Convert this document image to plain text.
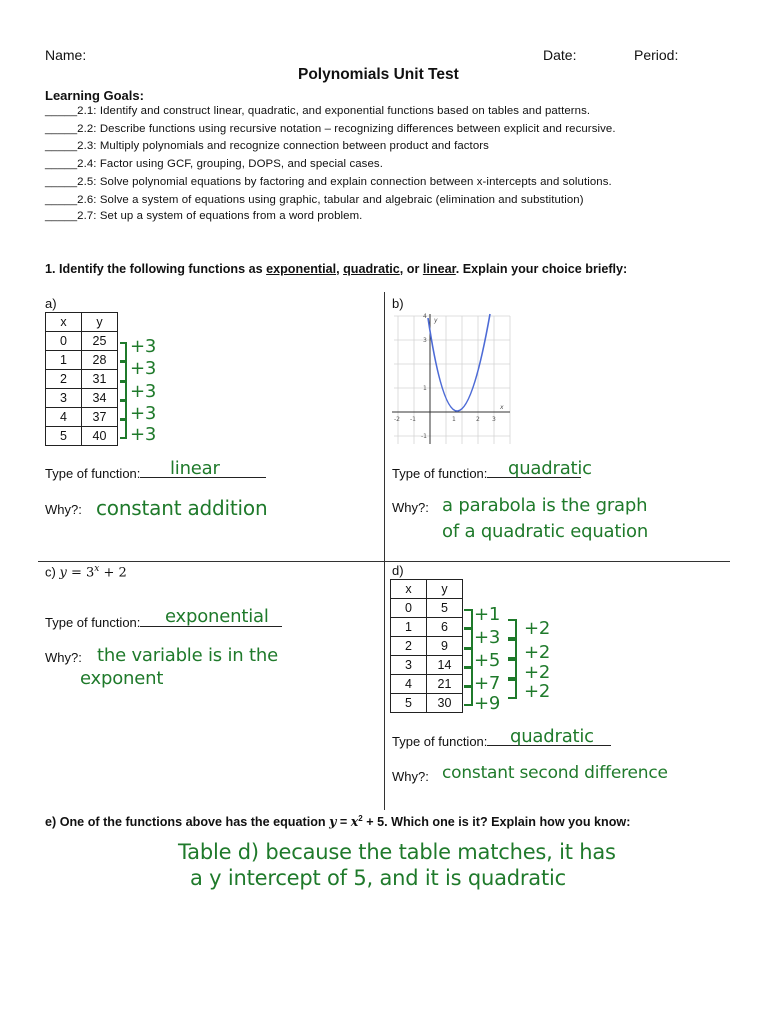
Name:	Date:	Period:
Polynomials Unit Test
Learning Goals:
_____2.1: Identify and construct linear, quadratic, and exponential functions based on tables and patterns.
_____2.2: Describe functions using recursive notation – recognizing differences between explicit and recursive.
_____2.3: Multiply polynomials and recognize connection between product and factors
_____2.4: Factor using GCF, grouping, DOPS, and special cases.
_____2.5: Solve polynomial equations by factoring and explain connection between x-intercepts and solutions.
_____2.6: Solve a system of equations using graphic, tabular and algebraic (elimination and substitution)
_____2.7: Set up a system of equations from a word problem.
1. Identify the following functions as exponential, quadratic, or linear. Explain your choice briefly:
a)
x	y
0	25
1	28
2	31
3	34
4	37
5	40
+3
+3
+3
+3
+3
Type of function:	linear
Why?: constant addition
b)
y
x
4
3
1
-1
-2 -1	1	2 3
Type of function:	quadratic
Why?: a parabola is the graph
of a quadratic equation
c) $y = 3^x + 2$
Type of function:	exponential
Why?: the variable is in the
exponent
d)
x	y
0	5
1	6
2	9
3	14
4	21
5	30
+1
+3
+5
+7
+9
+2
+2
+2
+2
Type of function:	quadratic
Why?: constant second difference
e) One of the functions above has the equation $y = x^2 + 5$. Which one is it? Explain how you know:
Table d) because the table matches, it has
a y intercept of 5, and it is quadratic
